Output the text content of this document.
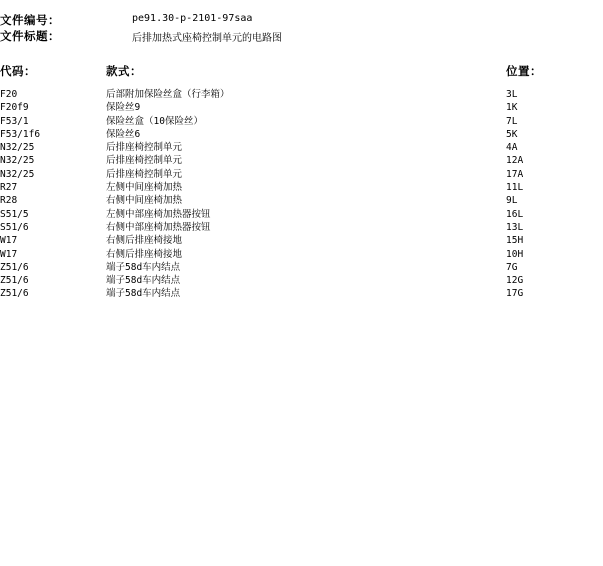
文件编号：	pe91.30-p-2101-97saa
文件标题：	后排加热式座椅控制单元的电路图
代码：	款式：	位置：
F20	后部附加保险丝盒（行李箱）	3L
F20f9	保险丝9	1K
F53/1	保险丝盒（10保险丝）	7L
F53/1f6	保险丝6	5K
N32/25	后排座椅控制单元	4A
N32/25	后排座椅控制单元	12A
N32/25	后排座椅控制单元	17A
R27	左侧中间座椅加热	11L
R28	右侧中间座椅加热	9L
S51/5	左侧中部座椅加热器按钮	16L
S51/6	右侧中部座椅加热器按钮	13L
W17	右侧后排座椅接地	15H
W17	右侧后排座椅接地	10H
Z51/6	端子58d车内结点	7G
Z51/6	端子58d车内结点	12G
Z51/6	端子58d车内结点	17G
